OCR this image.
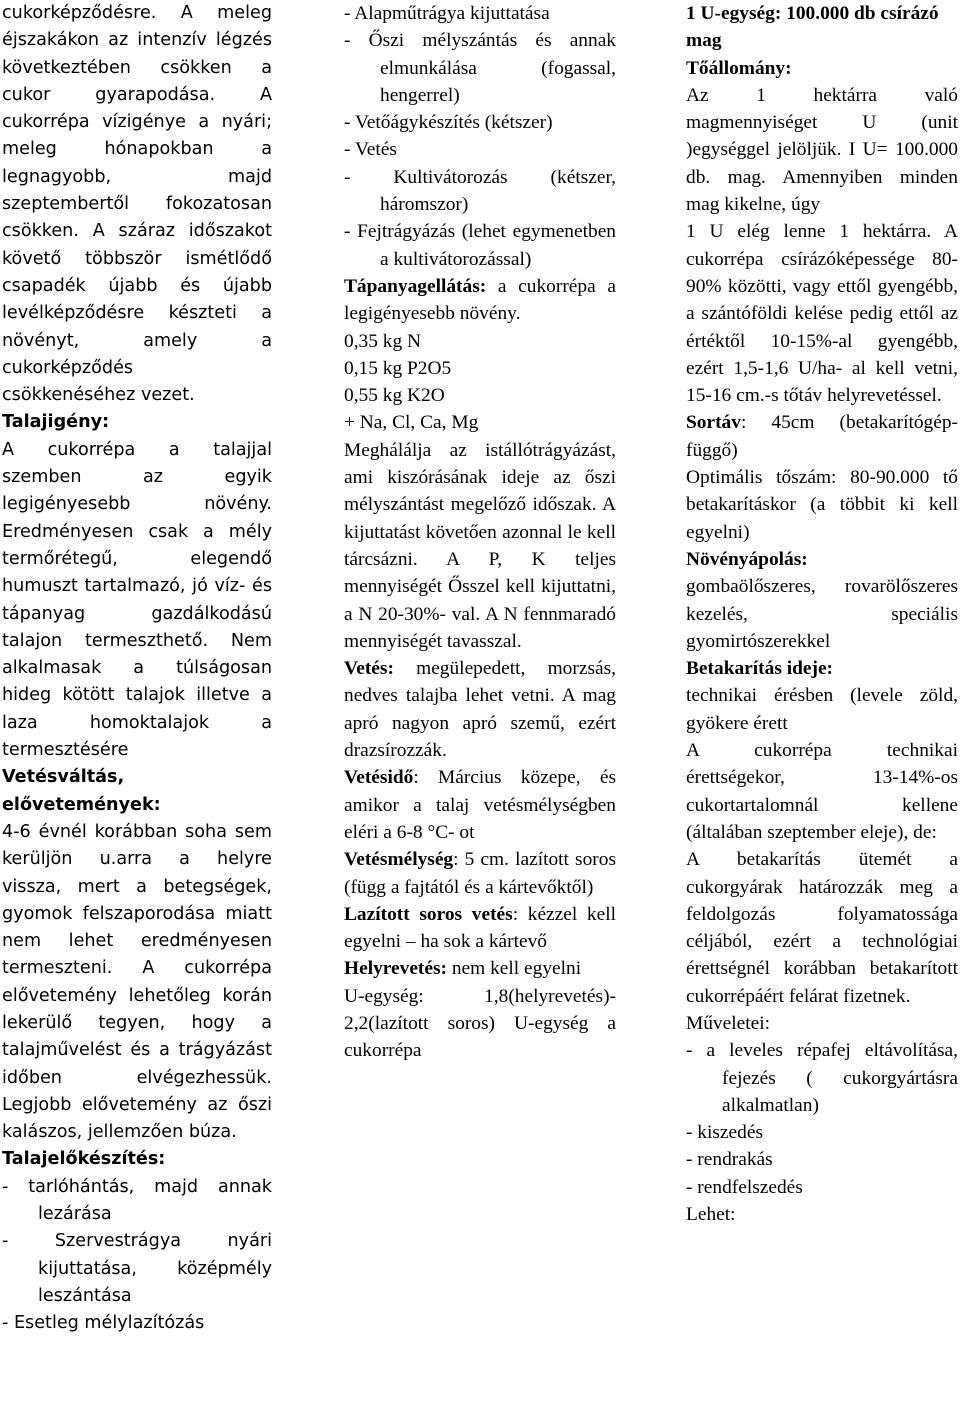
cukorképződésre. A meleg éjszakákon az intenzív légzés következtében csökken a cukor gyarapodása. A cukorrépa vízigénye a nyári; meleg hónapokban a legnagyobb, majd szeptembertől fokozatosan csökken. A száraz időszakot követő többször ismétlődő csapadék újabb és újabb levélképződésre készteti a növényt, amely a cukorképződés csökkenéséhez vezet.

Talajigény:

A cukorrépa a talajjal szemben az egyik legigényesebb növény. Eredményesen csak a mély termőrétegű, elegendő humuszt tartalmazó, jó víz- és tápanyag gazdálkodású talajon termeszthető. Nem alkalmasak a túlságosan hideg kötött talajok illetve a laza homoktalajok a termesztésére

Vetésváltás, elővetemények:

4-6 évnél korábban soha sem kerüljön u.arra a helyre vissza, mert a betegségek, gyomok felszaporodása miatt nem lehet eredményesen termeszteni. A cukorrépa elővetemény lehetőleg korán lekerülő tegyen, hogy a talajművelést és a trágyázást időben elvégezhessük. Legjobb elővetemény az őszi kalászos, jellemzően búza.

Talajelőkészítés:

- tarlóhántás, majd annak lezárása

- Szervestrágya nyári kijuttatása, középmély leszántása

- Esetleg mélylazítózás

- Alapműtrágya kijuttatása

- Őszi mélyszántás és annak elmunkálása (fogassal, hengerrel)

- Vetőágykészítés (kétszer)

- Vetés

- Kultivátorozás (kétszer, háromszor)

- Fejtrágyázás (lehet egymenetben a kultivátorozással)

Tápanyagellátás: a cukorrépa a legigényesebb növény.

0,35 kg N

0,15 kg P2O5

0,55 kg K2O

+ Na, Cl, Ca, Mg

Meghálálja az istállótrágyázást, ami kiszórásának ideje az őszi mélyszántást megelőző időszak. A kijuttatást követően azonnal le kell tárcsázni. A P, K teljes mennyiségét Ősszel kell kijuttatni, a N 20-30%- val. A N fennmaradó mennyiségét tavasszal.

Vetés: megülepedett, morzsás, nedves talajba lehet vetni. A mag apró nagyon apró szemű, ezért drazsírozzák.

Vetésidő: Március közepe, és amikor a talaj vetésmélységben eléri a 6-8 °C- ot

Vetésmélység: 5 cm. lazított soros (függ a fajtától és a kártevőktől)

Lazított soros vetés: kézzel kell egyelni – ha sok a kártevő

Helyrevetés: nem kell egyelni

U-egység: 1,8(helyrevetés)- 2,2(lazított soros) U-egység a cukorrépa

1 U-egység: 100.000 db csírázó mag

Tőállomány:

Az 1 hektárra való magmennyiséget U (unit )egységgel jelöljük. I U= 100.000 db. mag. Amennyiben minden mag kikelne, úgy

1 U elég lenne 1 hektárra. A cukorrépa csírázóképessége 80-90% közötti, vagy ettől gyengébb, a szántóföldi kelése pedig ettől az értéktől 10-15%-al gyengébb, ezért 1,5-1,6 U/ha- al kell vetni, 15-16 cm.-s tőtáv helyrevetéssel.

Sortáv: 45cm (betakarítógép-függő)

Optimális tőszám: 80-90.000 tő betakarításkor (a többit ki kell egyelni)

Növényápolás:

gombaölőszeres, rovarölőszeres kezelés, speciális gyomirtószerekkel

Betakarítás ideje:

technikai érésben (levele zöld, gyökere érett

A cukorrépa technikai érettségekor, 13-14%-os cukortartalomnál kellene (általában szeptember eleje), de:

A betakarítás ütemét a cukorgyárak határozzák meg a feldolgozás folyamatossága céljából, ezért a technológiai érettségnél korábban betakarított cukorrépáért felárat fizetnek.

Műveletei:

- a leveles répafej eltávolítása, fejezés ( cukorgyártásra alkalmatlan)

- kiszedés

- rendrakás

- rendfelszedés

Lehet:
